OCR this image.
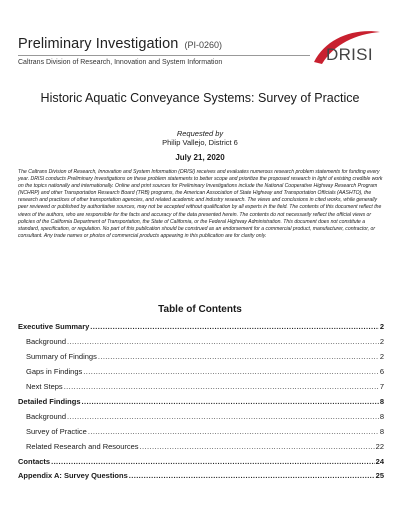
Preliminary Investigation (PI-0260)
Caltrans Division of Research, Innovation and System Information	DRISI
Historic Aquatic Conveyance Systems: Survey of Practice
Requested by
Philip Vallejo, District 6
July 21, 2020
The Caltrans Division of Research, Innovation and System Information (DRISI) receives and evaluates numerous research problem statements for funding every year. DRISI conducts Preliminary Investigations on these problem statements to better scope and prioritize the proposed research in light of existing credible work on the topics nationally and internationally. Online and print sources for Preliminary Investigations include the National Cooperative Highway Research Program (NCHRP) and other Transportation Research Board (TRB) programs, the American Association of State Highway and Transportation Officials (AASHTO), the research and practices of other transportation agencies, and related academic and industry research. The views and conclusions in cited works, while generally peer reviewed or published by authoritative sources, may not be accepted without qualification by all experts in the field. The contents of this document reflect the views of the authors, who are responsible for the facts and accuracy of the data presented herein. The contents do not necessarily reflect the official views or policies of the California Department of Transportation, the State of California, or the Federal Highway Administration. This document does not constitute a standard, specification, or regulation. No part of this publication should be construed as an endorsement for a commercial product, manufacturer, contractor, or consultant. Any trade names or photos of commercial products appearing in this publication are for clarity only.
Table of Contents
Executive Summary .....	2
Background .....	2
Summary of Findings .....	2
Gaps in Findings .....	6
Next Steps .....	7
Detailed Findings .....	8
Background .....	8
Survey of Practice .....	8
Related Research and Resources .....	22
Contacts .....	24
Appendix A: Survey Questions .....	25
